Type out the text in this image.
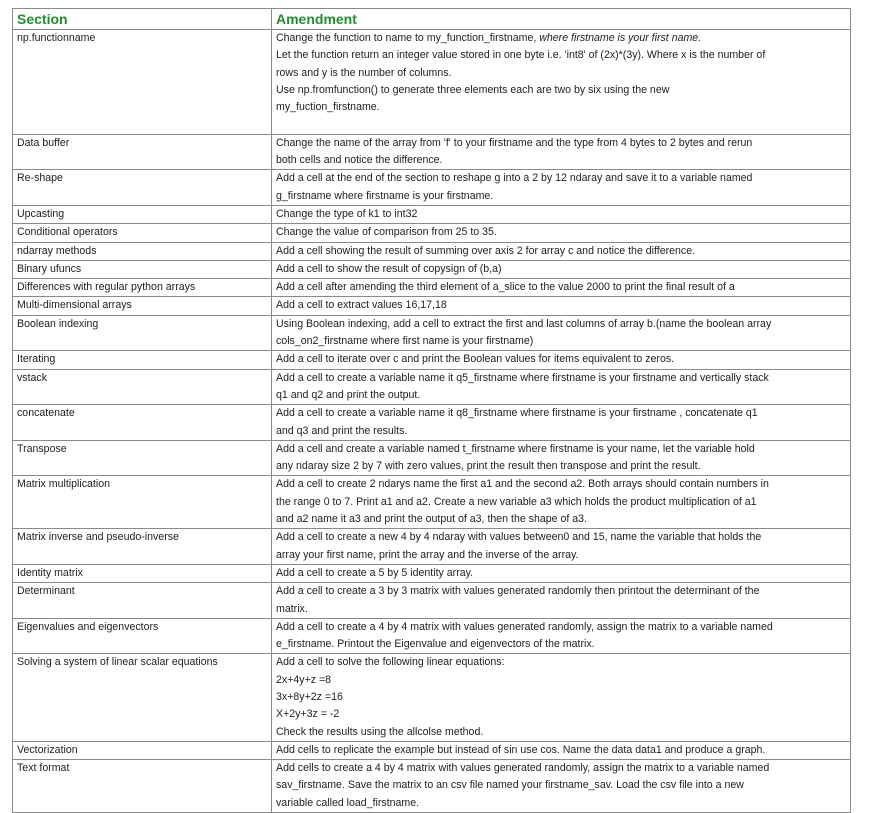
Section	Amendment
np.functionname	Change the function to name to my_function_firstname, where firstname is your first name.
Let the function return an integer value stored in one byte i.e. 'int8' of (2x)*(3y). Where x is the number of
rows and y is the number of columns.
Use np.fromfunction() to generate three elements each are two by six using the new
my_fuction_firstname.

Data buffer	Change the name of the array from 'f' to your firstname and the type from 4 bytes to 2 bytes and rerun
both cells and notice the difference.

Re-shape	Add a cell at the end of the section to reshape g into a 2 by 12 ndaray and save it to a variable named
g_firstname where firstname is your firstname.

Upcasting	Change the type of k1 to int32

Conditional operators	Change the value of comparison from 25 to 35.

ndarray methods	Add a cell showing the result of summing over axis 2 for array c and notice the difference.

Binary ufuncs	Add a cell to show the result of copysign of (b,a)

Differences with regular python arrays	Add a cell after amending the third element of a_slice to the value 2000 to print the final result of a

Multi-dimensional arrays	Add a cell to extract values 16,17,18

Boolean indexing	Using Boolean indexing, add a cell to extract the first and last columns of array b.(name the boolean array
cols_on2_firstname where first name is your firstname)

Iterating	Add a cell to iterate over c and print the Boolean values for items equivalent to zeros.

vstack	Add a cell to create a variable name it q5_firstname where firstname is your firstname and vertically stack
q1 and q2 and print the output.

concatenate	Add a cell to create a variable name it q8_firstname where firstname is your firstname , concatenate q1
and q3 and print the results.

Transpose	Add a cell and create a variable named t_firstname where firstname is your name, let the variable hold
any ndaray size 2 by 7 with zero values, print the result then transpose and print the result.

Matrix multiplication	Add a cell to create 2 ndarys name the first a1 and the second a2. Both arrays should contain numbers in
the range 0 to 7. Print a1 and a2. Create a new variable a3 which holds the product multiplication of a1
and a2 name it a3 and print the output of a3, then the shape of a3.

Matrix inverse and pseudo-inverse	Add a cell to create a new 4 by 4 ndaray with values between0 and 15, name the variable that holds the
array your first name, print the array and the inverse of the array.

Identity matrix	Add a cell to create a 5 by 5 identity array.

Determinant	Add a cell to create a 3 by 3 matrix with values generated randomly then printout the determinant of the
matrix.

Eigenvalues and eigenvectors	Add a cell to create a 4 by 4 matrix with values generated randomly, assign the matrix to a variable named
e_firstname. Printout the Eigenvalue and eigenvectors of the matrix.

Solving a system of linear scalar equations	Add a cell to solve the following linear equations:
2x+4y+z =8
3x+8y+2z =16
X+2y+3z = -2
Check the results using the allcolse method.

Vectorization	Add cells to replicate the example but instead of sin use cos. Name the data data1 and produce a graph.

Text format	Add cells to create a 4 by 4 matrix with values generated randomly, assign the matrix to a variable named
sav_firstname. Save the matrix to an csv file named your firstname_sav. Load the csv file into a new
variable called load_firstname.
